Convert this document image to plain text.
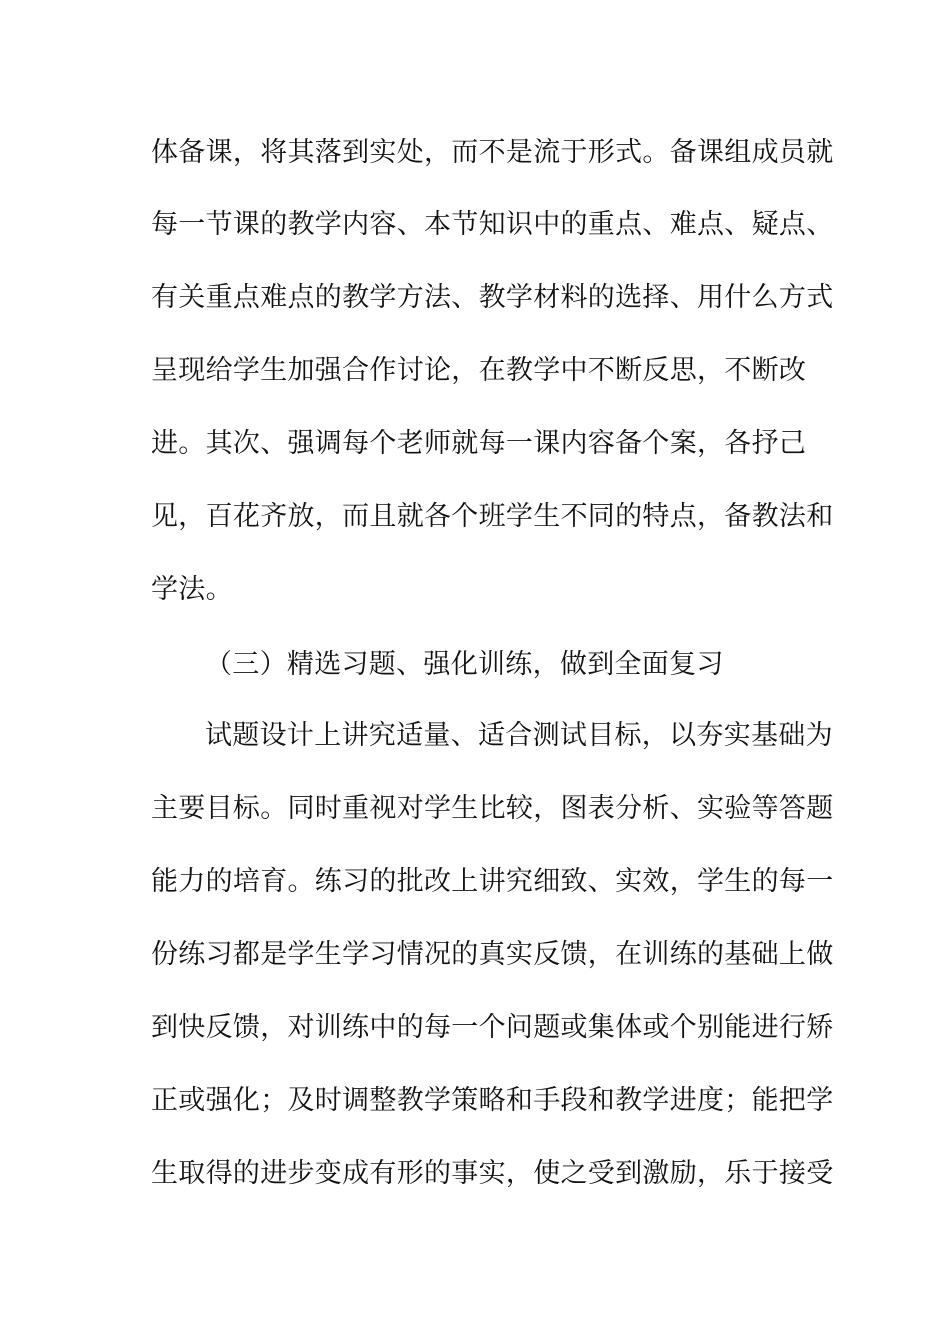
体备课，将其落到实处，而不是流于形式。备课组成员就
每一节课的教学内容、本节知识中的重点、难点、疑点、
有关重点难点的教学方法、教学材料的选择、用什么方式
呈现给学生加强合作讨论，在教学中不断反思，不断改
进。其次、强调每个老师就每一课内容备个案，各抒己
见，百花齐放，而且就各个班学生不同的特点，备教法和
学法。
（三）精选习题、强化训练，做到全面复习
试题设计上讲究适量、适合测试目标，以夯实基础为
主要目标。同时重视对学生比较，图表分析、实验等答题
能力的培育。练习的批改上讲究细致、实效，学生的每一
份练习都是学生学习情况的真实反馈，在训练的基础上做
到快反馈，对训练中的每一个问题或集体或个别能进行矫
正或强化；及时调整教学策略和手段和教学进度；能把学
生取得的进步变成有形的事实，使之受到激励，乐于接受
